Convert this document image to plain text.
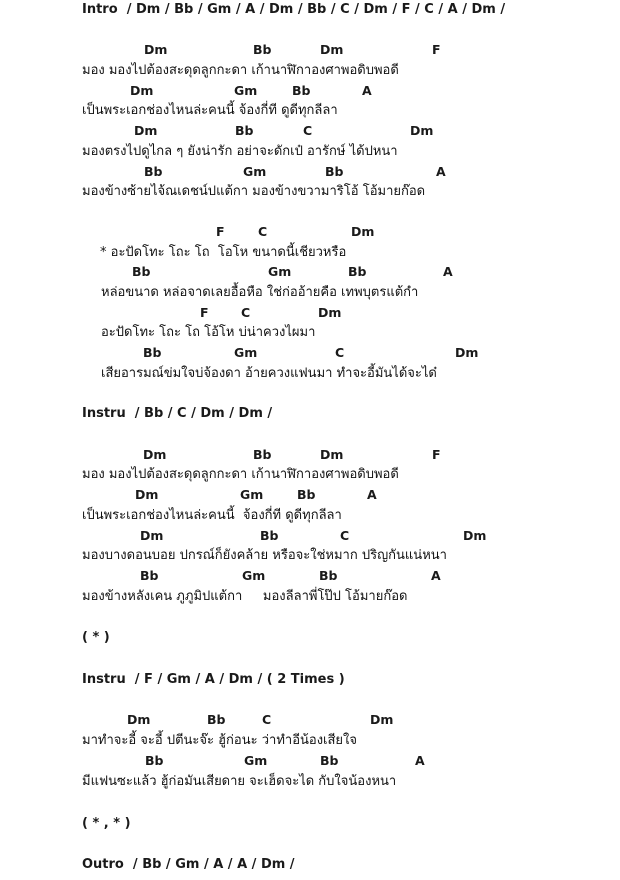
Intro  / Dm / Bb / Gm / A / Dm / Bb / C / Dm / F / C / A / Dm /
Dm	Bb	Dm	F
มอง มองไปต้องสะดุดลูกกะดา เก้านาฬิกาองศาพอดิบพอดี
Dm	Gm	Bb	A
เป็นพระเอกช่องไหนล่ะคนนี้ จ้องกี่ที ดูดีทุกลีลา
Dm	Bb	C	Dm
มองตรงไปดูไกล ๆ ยังน่ารัก อย่าจะดักเป๋ อารักษ์ ได้ปหนา
Bb	Gm	Bb	A
มองข้างซ้ายไจ้ณเดชน์ปแต้กา มองข้างขวามาริโอ้ โอ้มายก๊อด
F	C	Dm
* อะปัดโทะ โถะ โถ  โอโห ขนาดนี้เชียวหรือ
Bb	Gm	Bb	A
หล่อขนาด หล่อจาดเลยอื้อหือ ใช่ก่ออ้ายคือ เทพบุตรแต้กำ
F	C	Dm
อะปัดโทะ โถะ โถ โอ้โห บ่น่าควงไผมา
Bb	Gm	C	Dm
เสียอารมณ์ข่มใจบ่จ้องดา อ้ายควงแฟนมา ทำจะอี้มันได้จะได๋
Instru  / Bb / C / Dm / Dm /
Dm	Bb	Dm	F
มอง มองไปต้องสะดุดลูกกะดา เก้านาฬิกาองศาพอดิบพอดี
Dm	Gm	Bb	A
เป็นพระเอกช่องไหนล่ะคนนี้  จ้องกี่ที ดูดีทุกลีลา
Dm	Bb	C	Dm
มองบางดอนบอย ปกรณ์ก็ยังคล้าย หรือจะใช่หมาก ปริญกันแน่หนา
Bb	Gm	Bb	A
มองข้างหลังเคน ภูภูมิปแต้กา     มองลีลาพี่โป๊ป โอ้มายก๊อด
( * )
Instru  / F / Gm / A / Dm / ( 2 Times )
Dm	Bb	C	Dm
มาทำจะอี้ จะอี้ ปตีนะจ๊ะ ฮู้ก่อนะ ว่าทำอีน้องเสียใจ
Bb	Gm	Bb	A
มีแฟนซะแล้ว ฮู้ก่อมันเสียดาย จะเฮ็ดจะได กับใจน้องหนา
( * , * )
Outro  / Bb / Gm / A / A / Dm /
